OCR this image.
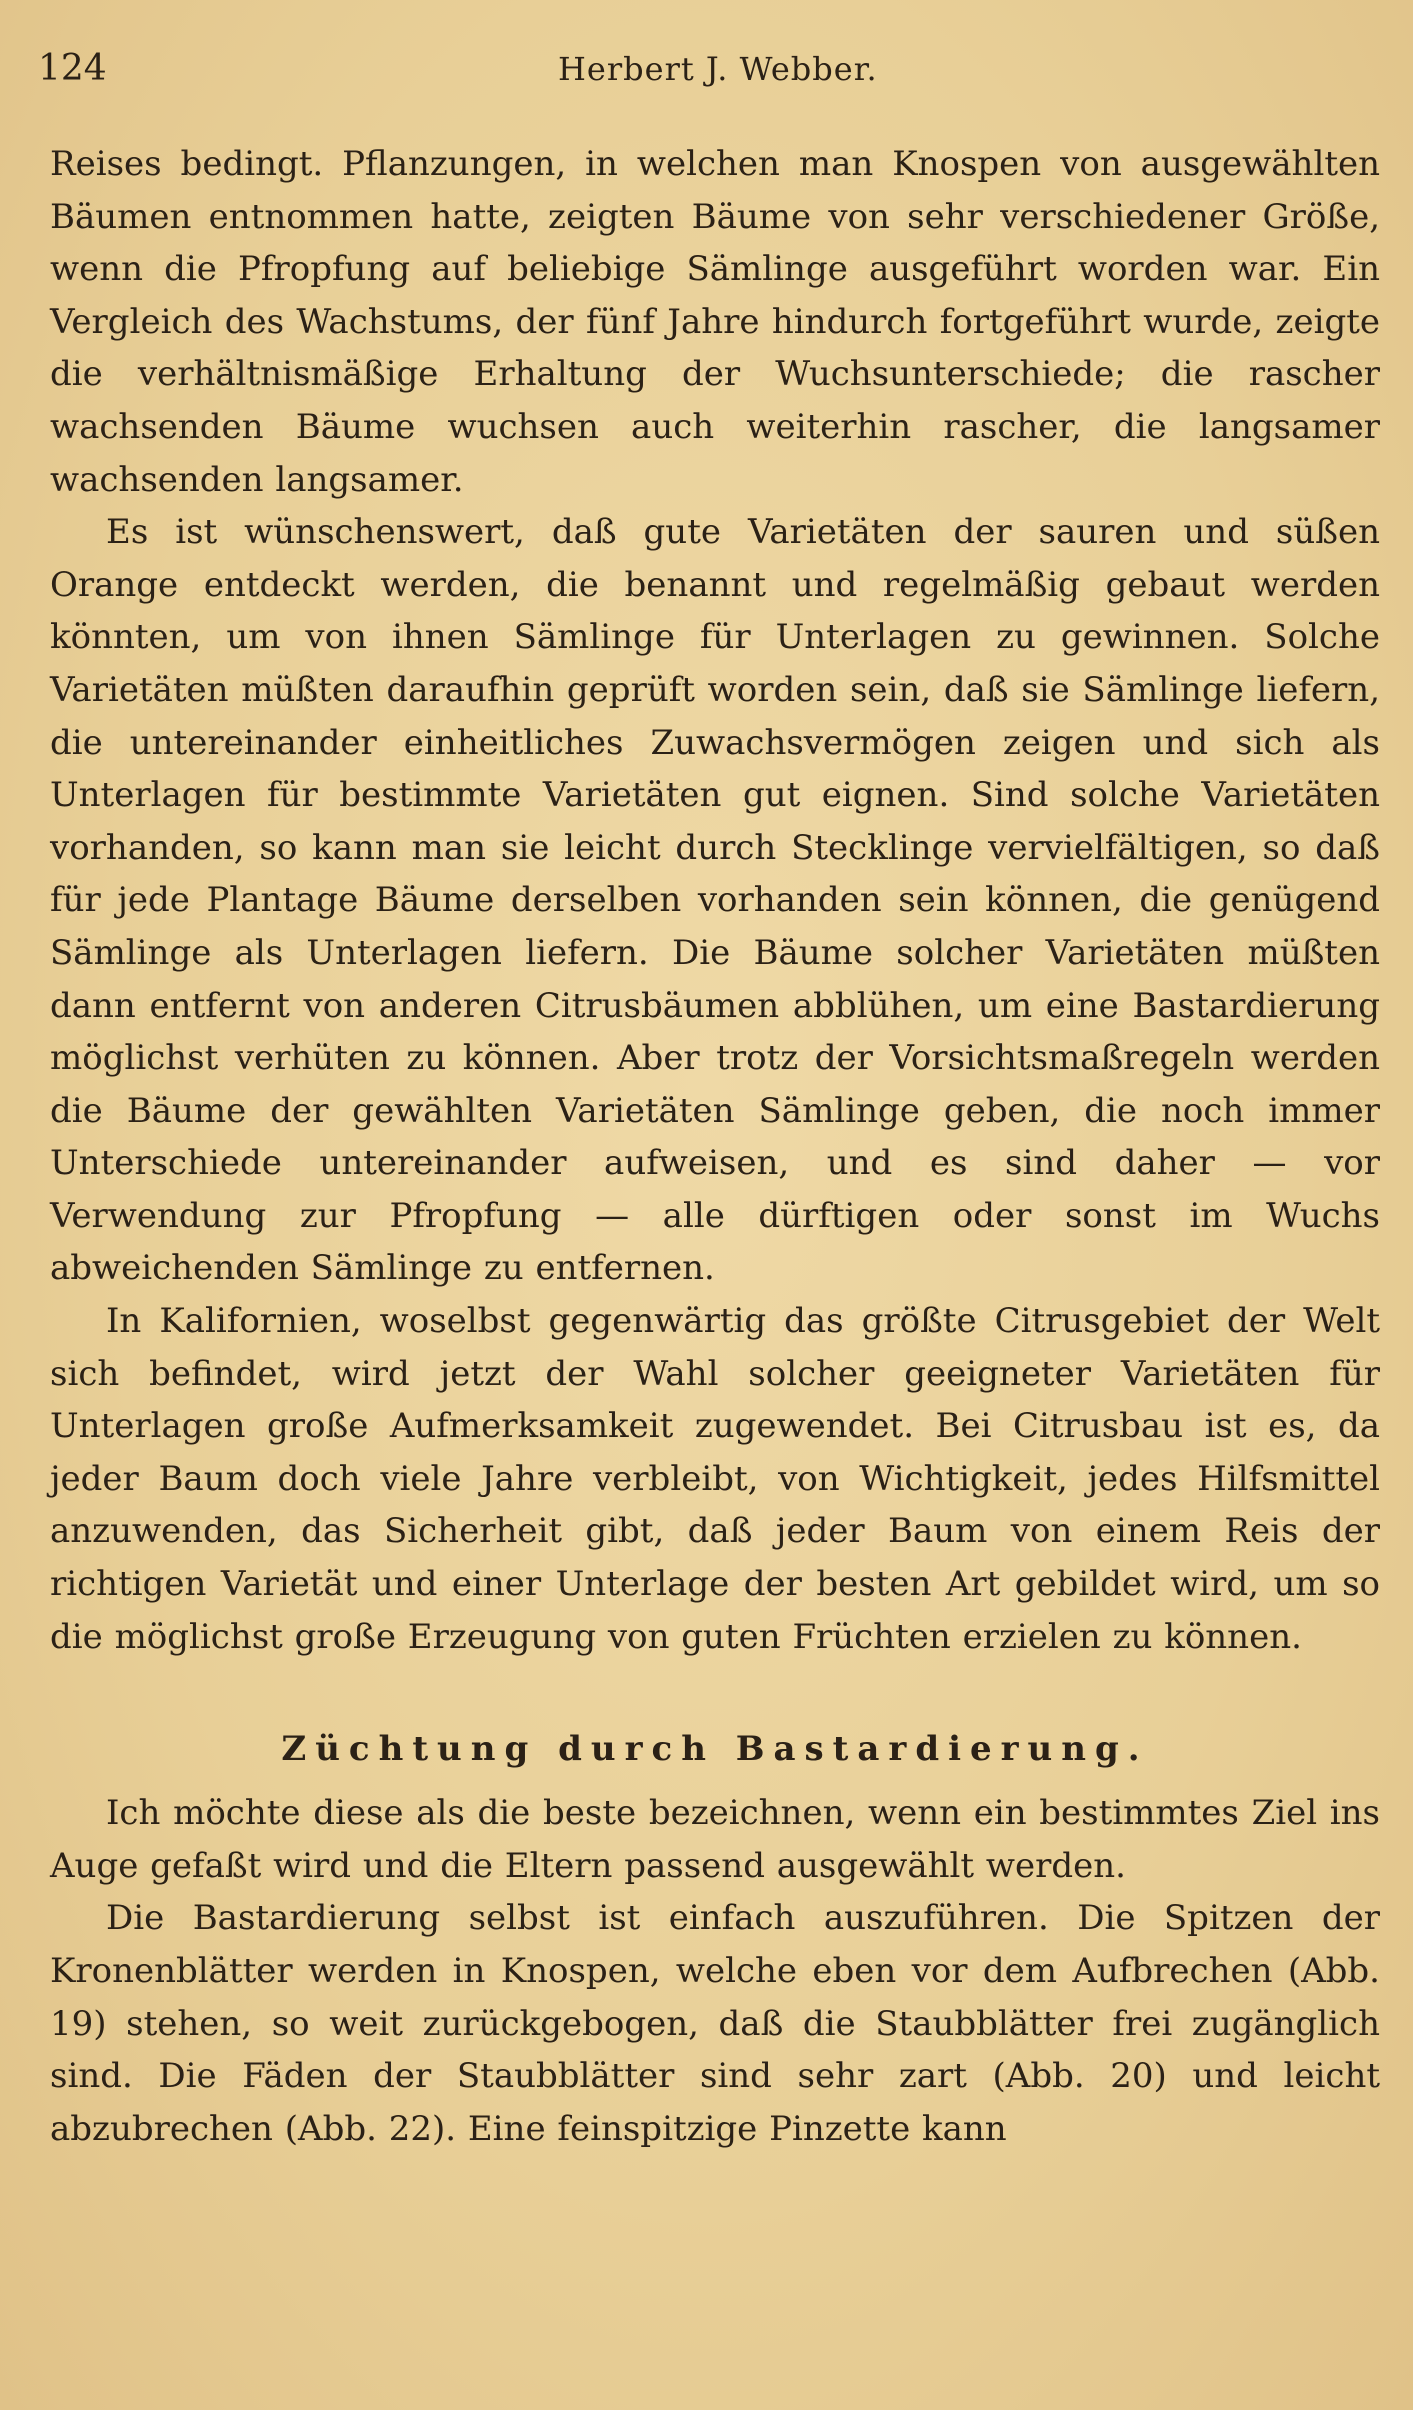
124	Herbert J. Webber.

Reises bedingt. Pflanzungen, in welchen man Knospen von ausgewählten Bäumen entnommen hatte, zeigten Bäume von sehr verschiedener Größe, wenn die Pfropfung auf beliebige Sämlinge ausgeführt worden war. Ein Vergleich des Wachstums, der fünf Jahre hindurch fortgeführt wurde, zeigte die verhältnismäßige Erhaltung der Wuchsunterschiede; die rascher wachsenden Bäume wuchsen auch weiterhin rascher, die langsamer wachsenden langsamer.

Es ist wünschenswert, daß gute Varietäten der sauren und süßen Orange entdeckt werden, die benannt und regelmäßig gebaut werden könnten, um von ihnen Sämlinge für Unterlagen zu gewinnen. Solche Varietäten müßten daraufhin geprüft worden sein, daß sie Sämlinge liefern, die untereinander einheitliches Zuwachsvermögen zeigen und sich als Unterlagen für bestimmte Varietäten gut eignen. Sind solche Varietäten vorhanden, so kann man sie leicht durch Stecklinge vervielfältigen, so daß für jede Plantage Bäume derselben vorhanden sein können, die genügend Sämlinge als Unterlagen liefern. Die Bäume solcher Varietäten müßten dann entfernt von anderen Citrusbäumen abblühen, um eine Bastardierung möglichst verhüten zu können. Aber trotz der Vorsichtsmaßregeln werden die Bäume der gewählten Varietäten Sämlinge geben, die noch immer Unterschiede untereinander aufweisen, und es sind daher — vor Verwendung zur Pfropfung — alle dürftigen oder sonst im Wuchs abweichenden Sämlinge zu entfernen.

In Kalifornien, woselbst gegenwärtig das größte Citrusgebiet der Welt sich befindet, wird jetzt der Wahl solcher geeigneter Varietäten für Unterlagen große Aufmerksamkeit zugewendet. Bei Citrusbau ist es, da jeder Baum doch viele Jahre verbleibt, von Wichtigkeit, jedes Hilfsmittel anzuwenden, das Sicherheit gibt, daß jeder Baum von einem Reis der richtigen Varietät und einer Unterlage der besten Art gebildet wird, um so die möglichst große Erzeugung von guten Früchten erzielen zu können.

Züchtung durch Bastardierung.

Ich möchte diese als die beste bezeichnen, wenn ein bestimmtes Ziel ins Auge gefaßt wird und die Eltern passend ausgewählt werden.

Die Bastardierung selbst ist einfach auszuführen. Die Spitzen der Kronenblätter werden in Knospen, welche eben vor dem Aufbrechen (Abb. 19) stehen, so weit zurückgebogen, daß die Staubblätter frei zugänglich sind. Die Fäden der Staubblätter sind sehr zart (Abb. 20) und leicht abzubrechen (Abb. 22). Eine feinspitzige Pinzette kann
